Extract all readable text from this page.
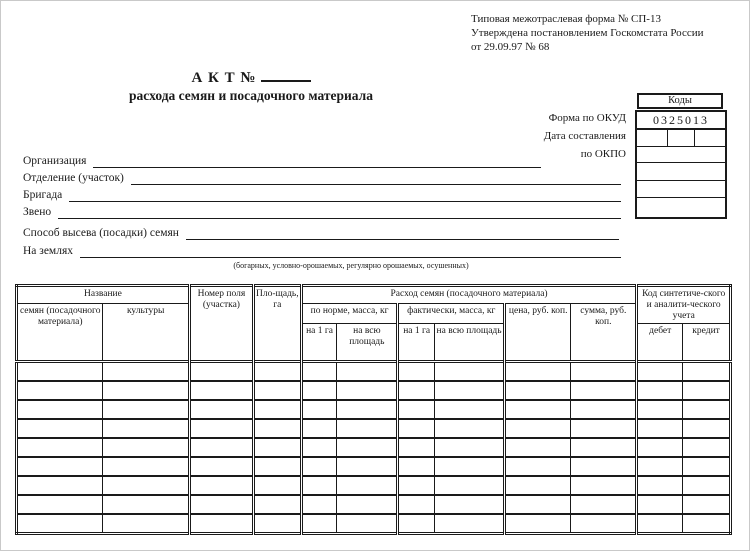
Типовая межотраслевая форма № СП-13
Утверждена постановлением Госкомстата России
от 29.09.97 № 68
А К Т №
расхода семян и посадочного материала
Форма по ОКУД
Дата составления
по ОКПО
Коды
0325013
Организация
Отделение (участок)
Бригада
Звено
Способ высева (посадки) семян
На землях
(богарных, условно-орошаемых, регулярно орошаемых, осушенных)
Название		Номер поля (участка)	Пло-щадь, га	Расход семян (посадочного материала)						Код синтетиче-ского и аналити-ческого учета	
семян (посадочного материала)	культуры			по норме, масса, кг		фактически, масса, кг		цена, руб. коп.	сумма, руб. коп.		
				на 1 га	на всю площадь	на 1 га	на всю площадь			дебет	кредит
